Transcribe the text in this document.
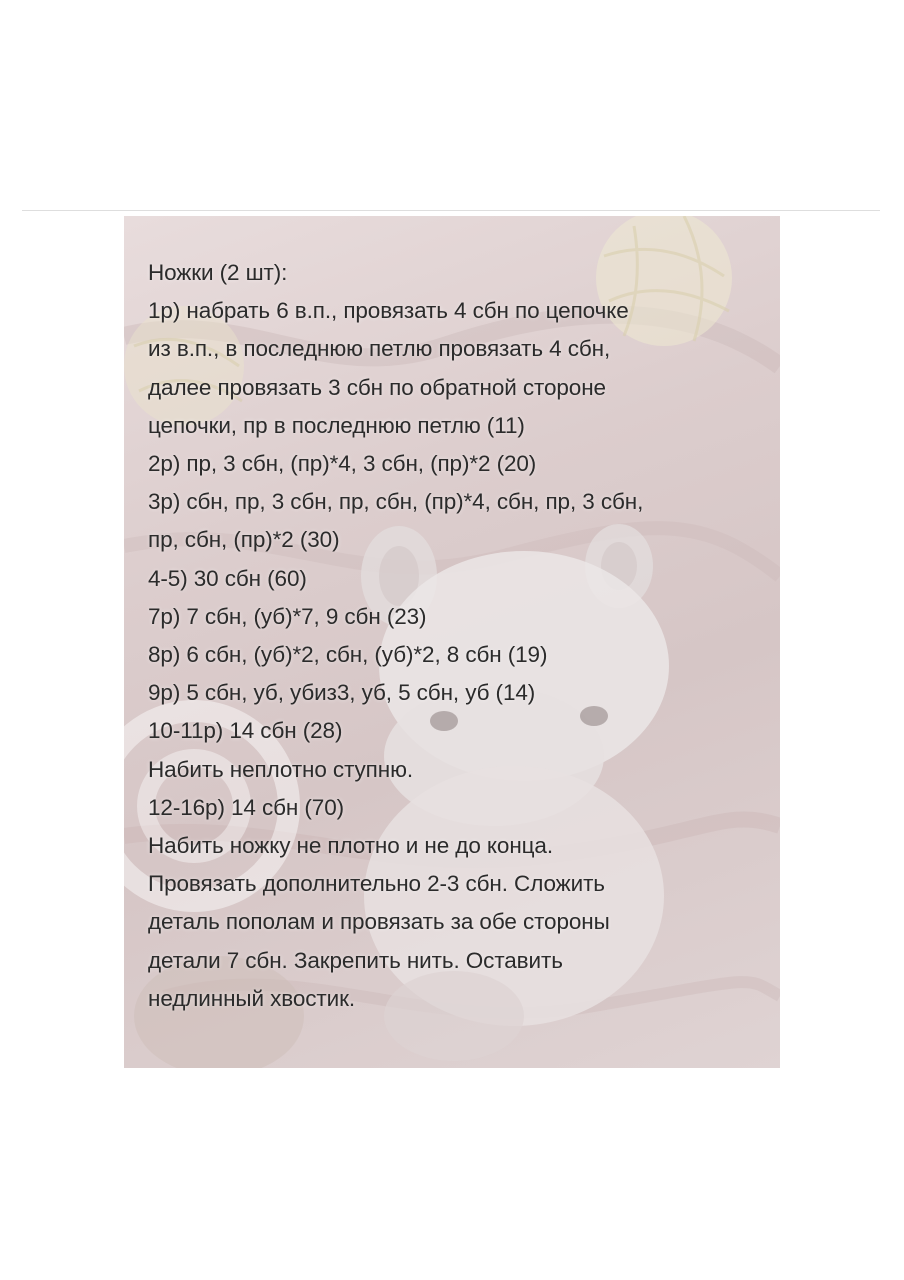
Ножки (2 шт):
1р) набрать 6 в.п., провязать 4 сбн по цепочке
из в.п., в последнюю петлю провязать 4 сбн,
далее провязать 3 сбн по обратной стороне
цепочки, пр в последнюю петлю (11)
2р) пр, 3 сбн, (пр)*4, 3 сбн, (пр)*2 (20)
3р) сбн, пр, 3 сбн, пр, сбн, (пр)*4, сбн, пр, 3 сбн,
пр, сбн, (пр)*2 (30)
4-5) 30 сбн (60)
7р) 7 сбн, (уб)*7, 9 сбн (23)
8р) 6 сбн, (уб)*2, сбн, (уб)*2, 8 сбн (19)
9р) 5 сбн, уб, убиз3, уб, 5 сбн, уб (14)
10-11р) 14 сбн (28)
Набить неплотно ступню.
12-16р) 14 сбн (70)
Набить ножку не плотно и не до конца.
Провязать дополнительно 2-3 сбн. Сложить
деталь пополам и провязать за обе стороны
детали 7 сбн. Закрепить нить. Оставить
недлинный хвостик.
